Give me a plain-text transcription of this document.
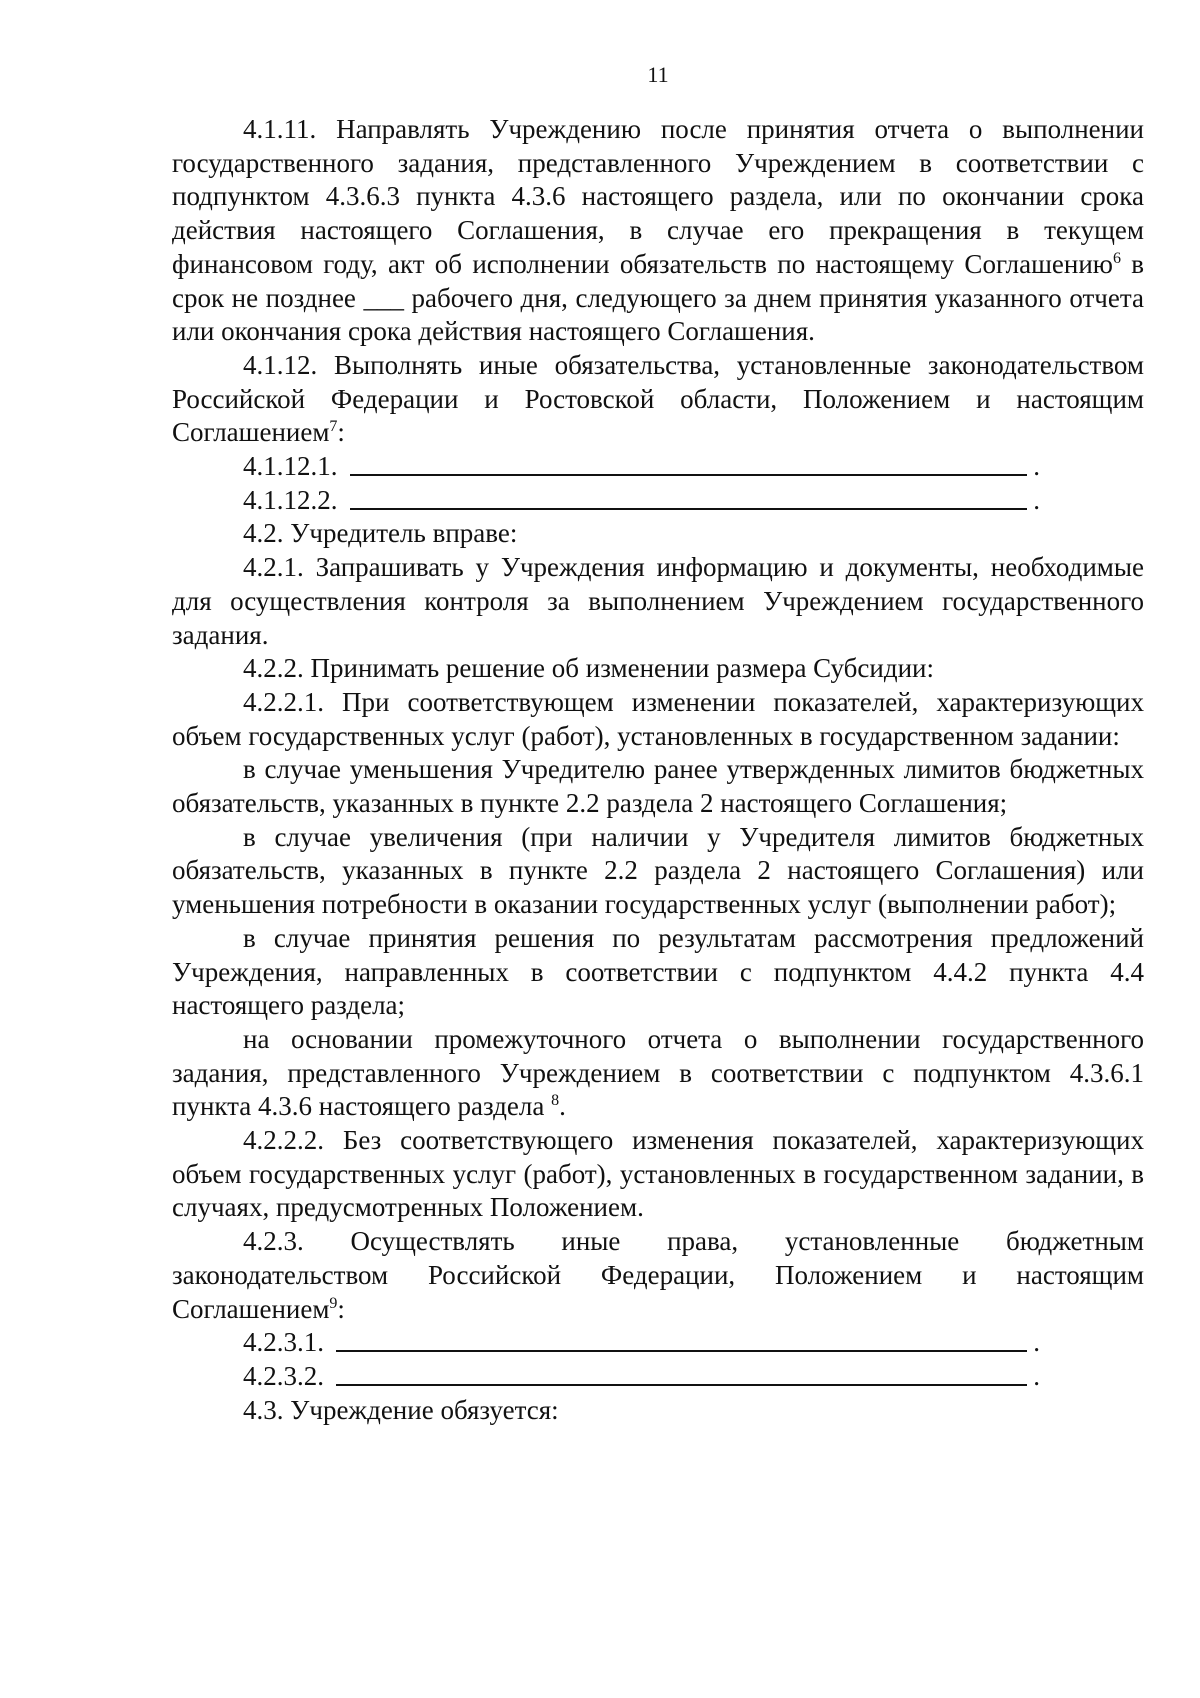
11

4.1.11. Направлять Учреждению после принятия отчета о выполнении государственного задания, представленного Учреждением в соответствии с подпунктом 4.3.6.3 пункта 4.3.6 настоящего раздела, или по окончании срока действия настоящего Соглашения, в случае его прекращения в текущем финансовом году, акт об исполнении обязательств по настоящему Соглашению$^6$ в срок не позднее ___ рабочего дня, следующего за днем принятия указанного отчета или окончания срока действия настоящего Соглашения.

4.1.12. Выполнять иные обязательства, установленные законодательством Российской Федерации и Ростовской области, Положением и настоящим Соглашением$^7$:

4.1.12.1.	.
4.1.12.2.	.

4.2. Учредитель вправе:

4.2.1. Запрашивать у Учреждения информацию и документы, необходимые для осуществления контроля за выполнением Учреждением государственного задания.

4.2.2. Принимать решение об изменении размера Субсидии:

4.2.2.1. При соответствующем изменении показателей, характеризующих объем государственных услуг (работ), установленных в государственном задании:

в случае уменьшения Учредителю ранее утвержденных лимитов бюджетных обязательств, указанных в пункте 2.2 раздела 2 настоящего Соглашения;

в случае увеличения (при наличии у Учредителя лимитов бюджетных обязательств, указанных в пункте 2.2 раздела 2 настоящего Соглашения) или уменьшения потребности в оказании государственных услуг (выполнении работ);

в случае принятия решения по результатам рассмотрения предложений Учреждения, направленных в соответствии с подпунктом 4.4.2 пункта 4.4 настоящего раздела;

на основании промежуточного отчета о выполнении государственного задания, представленного Учреждением в соответствии с подпунктом 4.3.6.1 пункта 4.3.6 настоящего раздела $^8$.

4.2.2.2. Без соответствующего изменения показателей, характеризующих объем государственных услуг (работ), установленных в государственном задании, в случаях, предусмотренных Положением.

4.2.3. Осуществлять иные права, установленные бюджетным законодательством Российской Федерации, Положением и настоящим Соглашением$^9$:

4.2.3.1.	.
4.2.3.2.	.

4.3. Учреждение обязуется:
